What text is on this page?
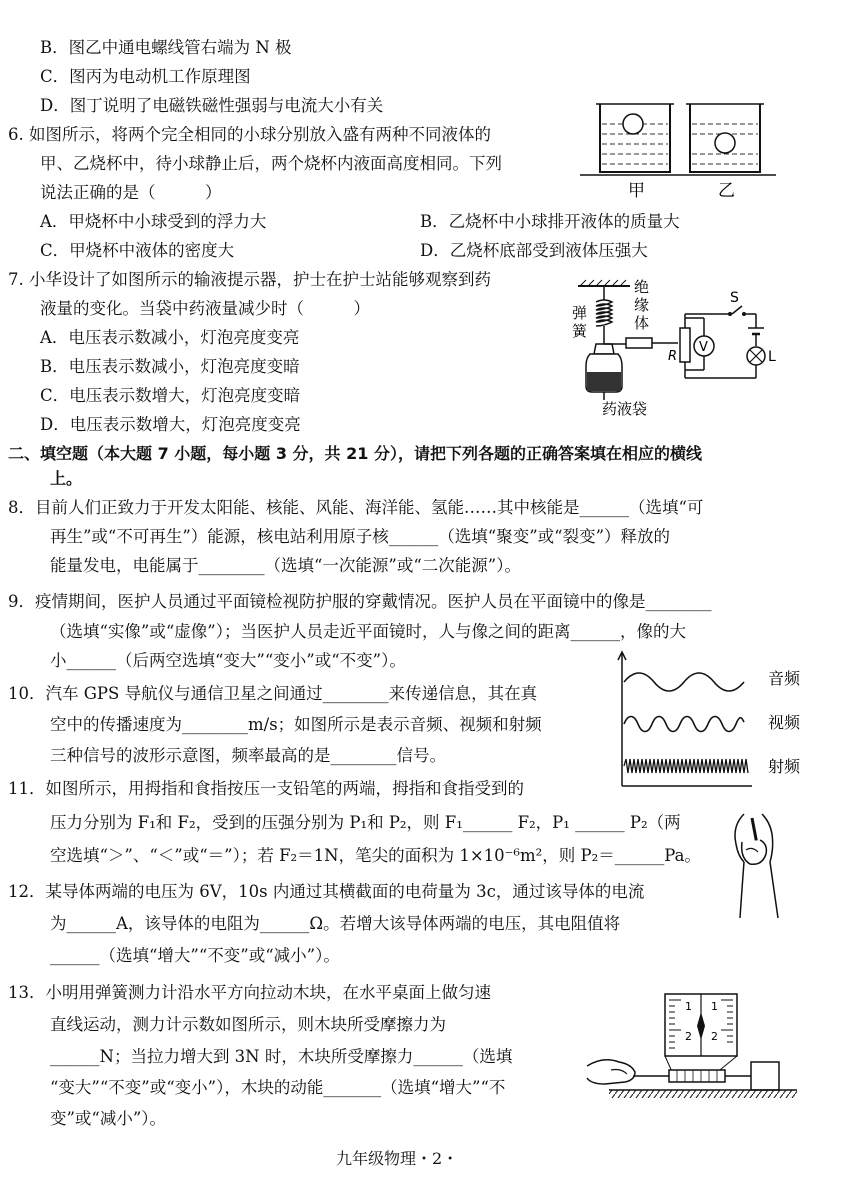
B．图乙中通电螺线管右端为 N 极
C．图丙为电动机工作原理图
D．图丁说明了电磁铁磁性强弱与电流大小有关
6. 如图所示，将两个完全相同的小球分别放入盛有两种不同液体的
甲、乙烧杯中，待小球静止后，两个烧杯内液面高度相同。下列
说法正确的是（　　　）
A．甲烧杯中小球受到的浮力大	B．乙烧杯中小球排开液体的质量大
C．甲烧杯中液体的密度大	D．乙烧杯底部受到液体压强大
甲	乙
7. 小华设计了如图所示的输液提示器，护士在护士站能够观察到药
液量的变化。当袋中药液量减少时（　　　）
A．电压表示数减小，灯泡亮度变亮
B．电压表示数减小，灯泡亮度变暗
C．电压表示数增大，灯泡亮度变暗
D．电压表示数增大，灯泡亮度变亮
弹
簧
药液袋
绝
缘
体
R
S
L
V
二、填空题（本大题 7 小题，每小题 3 分，共 21 分），请把下列各题的正确答案填在相应的横线
上。
8．目前人们正致力于开发太阳能、核能、风能、海洋能、氢能……其中核能是______（选填“可
再生”或“不可再生”）能源，核电站利用原子核______（选填“聚变”或“裂变”）释放的
能量发电，电能属于________（选填“一次能源”或“二次能源”）。
9．疫情期间，医护人员通过平面镜检视防护服的穿戴情况。医护人员在平面镜中的像是________
（选填“实像”或“虚像”）；当医护人员走近平面镜时，人与像之间的距离______，像的大
小______（后两空选填“变大”“变小”或“不变”）。
10．汽车 GPS 导航仪与通信卫星之间通过________来传递信息，其在真
空中的传播速度为________m/s；如图所示是表示音频、视频和射频
三种信号的波形示意图，频率最高的是________信号。
音频
视频
射频
11．如图所示，用拇指和食指按压一支铅笔的两端，拇指和食指受到的
压力分别为 F₁和 F₂，受到的压强分别为 P₁和 P₂，则 F₁______ F₂，P₁ ______ P₂（两
空选填“＞”、“＜”或“＝”）；若 F₂＝1N，笔尖的面积为 1×10⁻⁶m²，则 P₂＝______Pa。
12．某导体两端的电压为 6V，10s 内通过其横截面的电荷量为 3c，通过该导体的电流
为______A，该导体的电阻为______Ω。若增大该导体两端的电压，其电阻值将
______（选填“增大”“不变”或“减小”）。
13．小明用弹簧测力计沿水平方向拉动木块，在水平桌面上做匀速
直线运动，测力计示数如图所示，则木块所受摩擦力为
______N；当拉力增大到 3N 时，木块所受摩擦力______（选填
“变大”“不变”或“变小”），木块的动能_______（选填“增大”“不
变”或“减小”）。
1
2
1
2
九年级物理・2・
